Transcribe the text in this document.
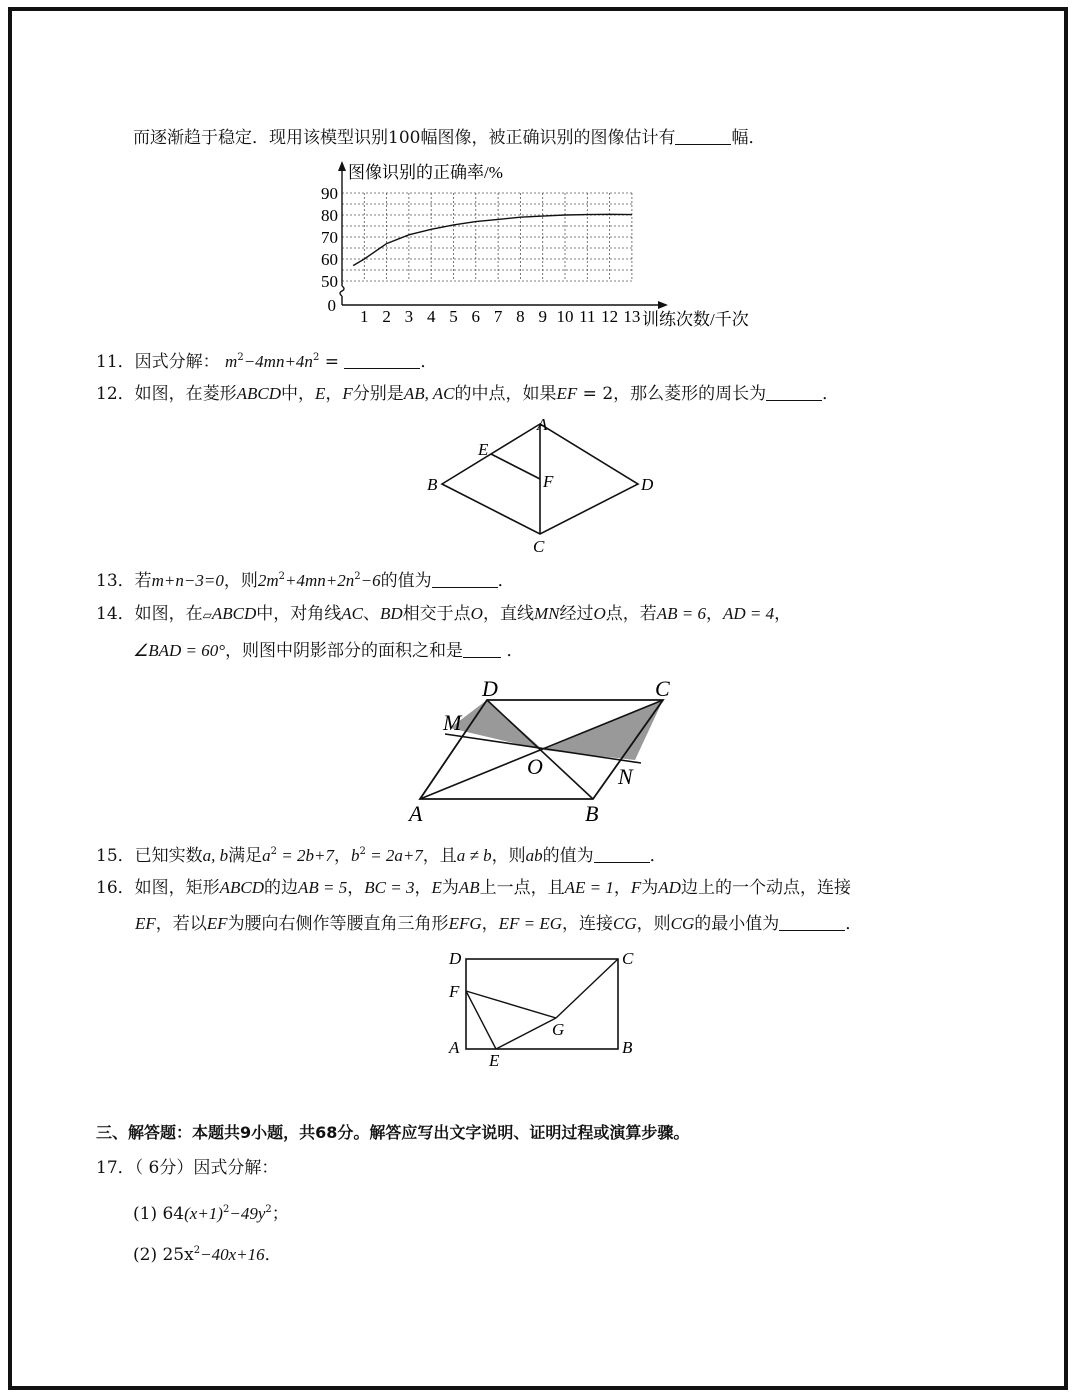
而逐渐趋于稳定．现用该模型识别100幅图像，被正确识别的图像估计有	幅．
1 2 3 4 5 6 7 8 9 10 11 12 13
50
60
70
80
90
0
图像识别的正确率/%
训练次数/千次
11．因式分解： $m^2-4mn+4n^2$ =	．
12．如图，在菱形ABCD中，E，F分别是AB, AC的中点，如果EF = 2，那么菱形的周长为	．
A
B
C
D
E
F
13．若m+n−3=0，则$2m^2+4mn+2n^2-6$的值为	．
14．如图，在▱ABCD中，对角线AC、BD相交于点O，直线MN经过O点，若AB = 6，AD = 4，
∠BAD = 60°，则图中阴影部分的面积之和是	．
D	C
M
O	N
A	B
15．已知实数a, b满足$a^2 = 2b+7$，$b^2 = 2a+7$，且a ≠ b，则ab的值为	．
16．如图，矩形ABCD的边AB = 5，BC = 3，E为AB上一点，且AE = 1，F为AD边上的一个动点，连接
EF，若以EF为腰向右侧作等腰直角三角形EFG，EF = EG，连接CG，则CG的最小值为	．
D	C
F
G
A	B
E
三、解答题：本题共9小题，共68分。解答应写出文字说明、证明过程或演算步骤。
17．（ 6分）因式分解：
(1) $64(x+1)^2-49y^2$；
(2) $25x^2-40x+16$．
